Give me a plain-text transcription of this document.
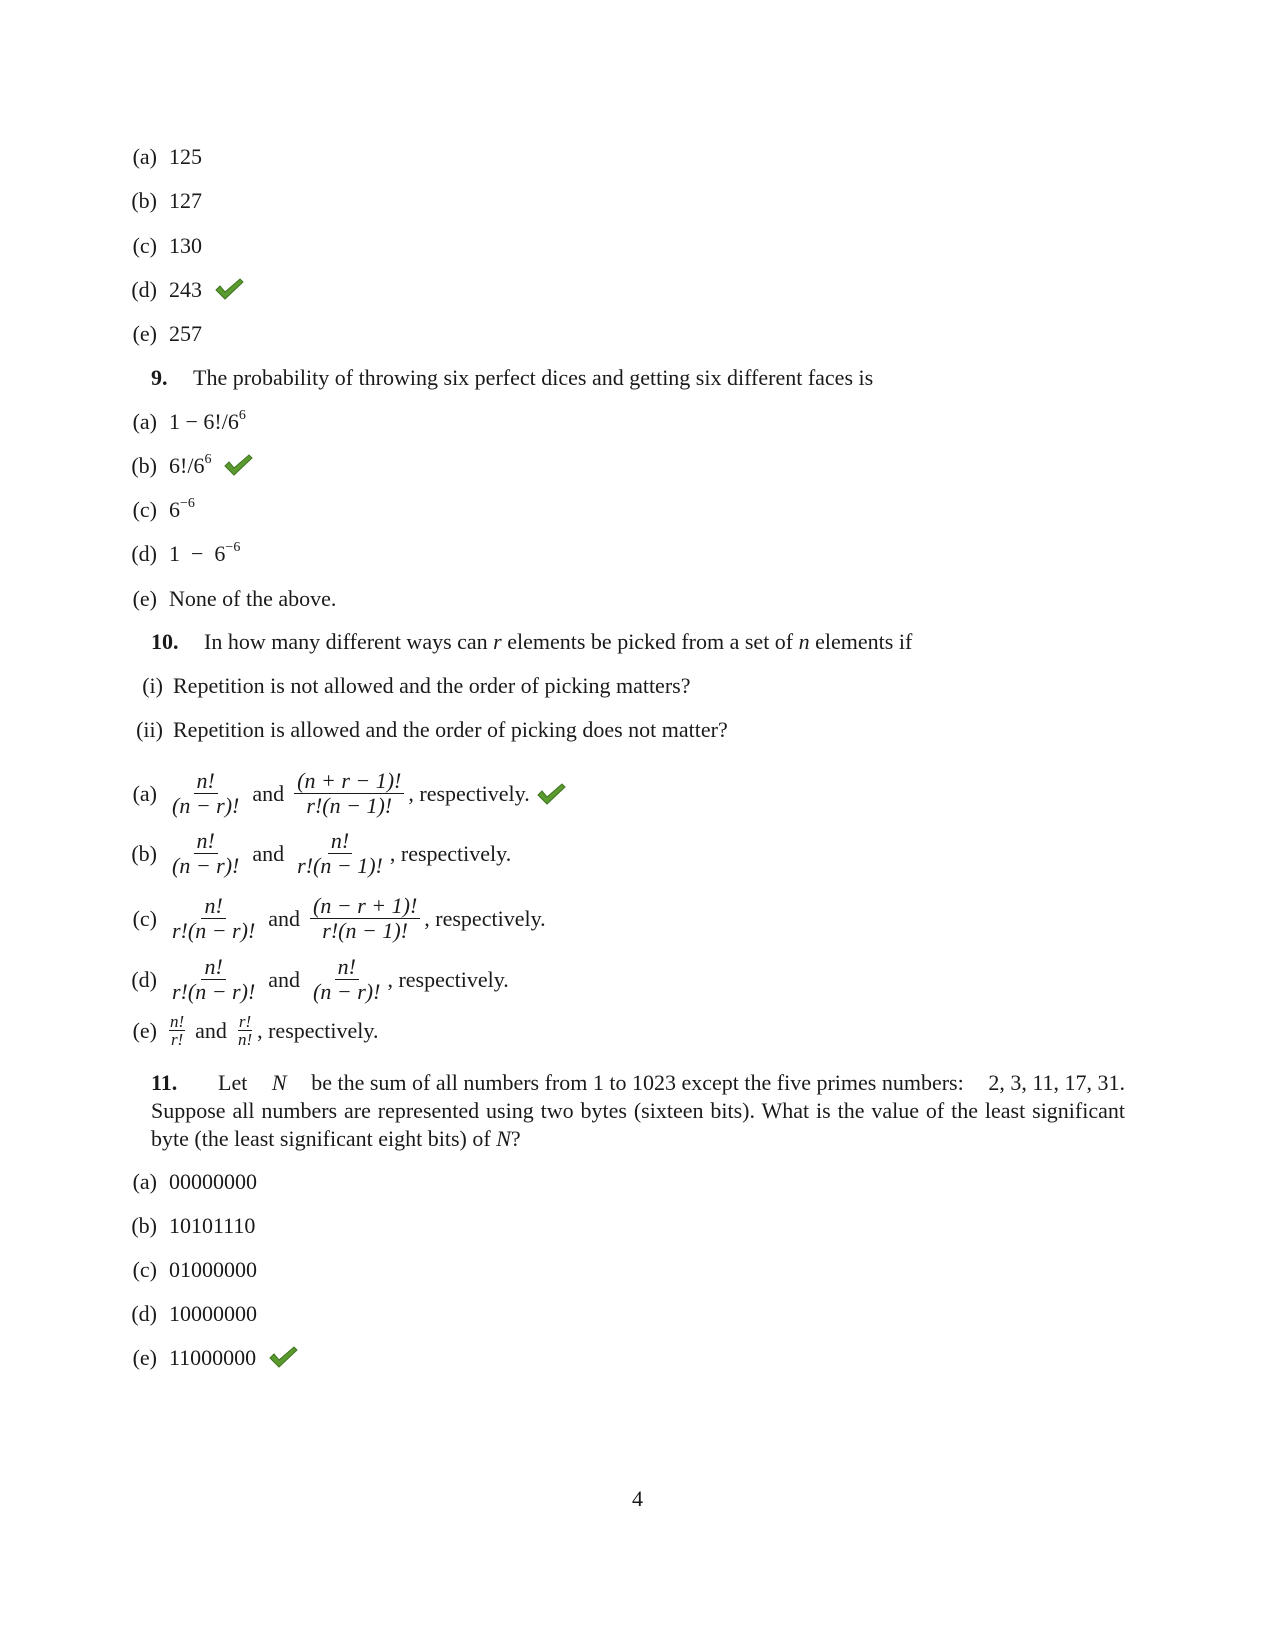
(a) 125
(b) 127
(c) 130
(d) 243
(e) 257
9. The probability of throwing six perfect dices and getting six different faces is
(a) $1 - 6!/6^6$
(b) $6!/6^6$
(c) $6^{-6}$
(d) $1 - 6^{-6}$
(e) None of the above.
10. In how many different ways can r elements be picked from a set of n elements if
(i) Repetition is not allowed and the order of picking matters?
(ii) Repetition is allowed and the order of picking does not matter?
$(a) \frac{n!}{(n - r)!}$ and $\frac{(n + r - 1)!}{r!(n - 1)!}$ , respectively.
$(b) \frac{n!}{(n - r)!}$ and $\frac{n!}{r!(n - 1)!}$ , respectively.
$(c) \frac{n!}{r!(n - r)!}$ and $\frac{(n - r + 1)!}{r!(n - 1)!}$ , respectively.
$(d) \frac{n!}{r!(n - r)!}$ and $\frac{n!}{(n - r)!}$ , respectively.
$(e) \frac{n!}{r!}$ and $\frac{r!}{n!}$ , respectively.
11. Let N be the sum of all numbers from 1 to 1023 except the five primes numbers: 2, 3, 11, 17, 31.
Suppose all numbers are represented using two bytes (sixteen bits). What is the value of the least significant byte (the least significant eight bits) of N?
(a) 00000000
(b) 10101110
(c) 01000000
(d) 10000000
(e) 11000000
4
